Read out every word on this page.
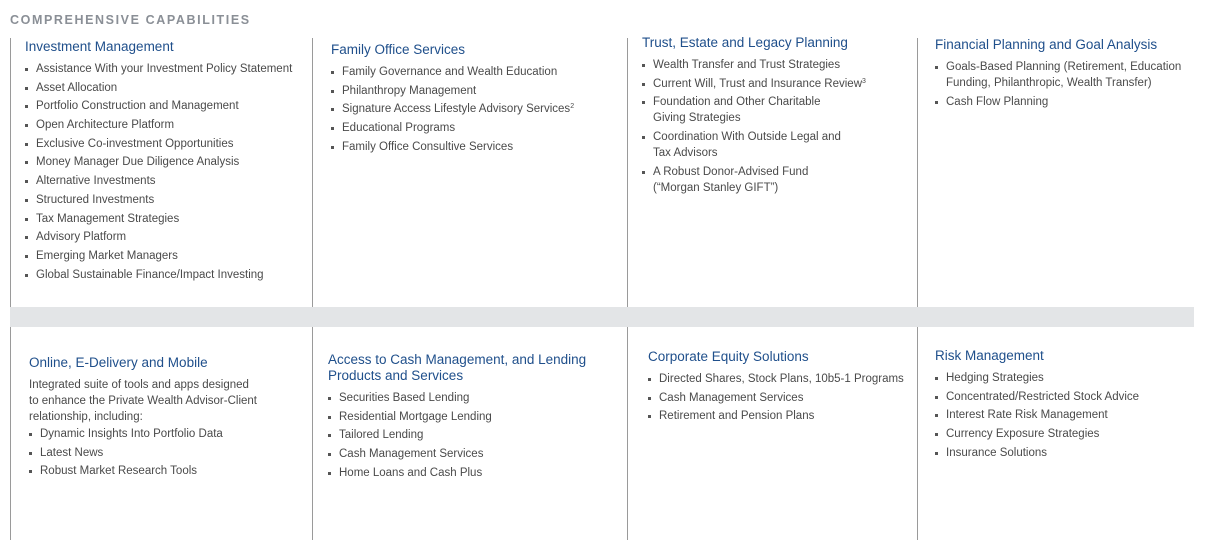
COMPREHENSIVE CAPABILITIES
Investment Management
Assistance With your Investment Policy Statement
Asset Allocation
Portfolio Construction and Management
Open Architecture Platform
Exclusive Co-investment Opportunities
Money Manager Due Diligence Analysis
Alternative Investments
Structured Investments
Tax Management Strategies
Advisory Platform
Emerging Market Managers
Global Sustainable Finance/Impact Investing
Family Office Services
Family Governance and Wealth Education
Philanthropy Management
Signature Access Lifestyle Advisory Services$^2$
Educational Programs
Family Office Consultive Services
Trust, Estate and Legacy Planning
Wealth Transfer and Trust Strategies
Current Will, Trust and Insurance Review$^3$
Foundation and Other Charitable
Giving Strategies
Coordination With Outside Legal and
Tax Advisors
A Robust Donor-Advised Fund
(“Morgan Stanley GIFT”)
Financial Planning and Goal Analysis
Goals-Based Planning (Retirement, Education
Funding, Philanthropic, Wealth Transfer)
Cash Flow Planning
Online, E-Delivery and Mobile

Integrated suite of tools and apps designed
to enhance the Private Wealth Advisor-Client
relationship, including:

Dynamic Insights Into Portfolio Data
Latest News
Robust Market Research Tools
Access to Cash Management, and Lending
Products and Services
Securities Based Lending
Residential Mortgage Lending
Tailored Lending
Cash Management Services
Home Loans and Cash Plus
Corporate Equity Solutions
Directed Shares, Stock Plans, 10b5-1 Programs
Cash Management Services
Retirement and Pension Plans
Risk Management
Hedging Strategies
Concentrated/Restricted Stock Advice
Interest Rate Risk Management
Currency Exposure Strategies
Insurance Solutions
